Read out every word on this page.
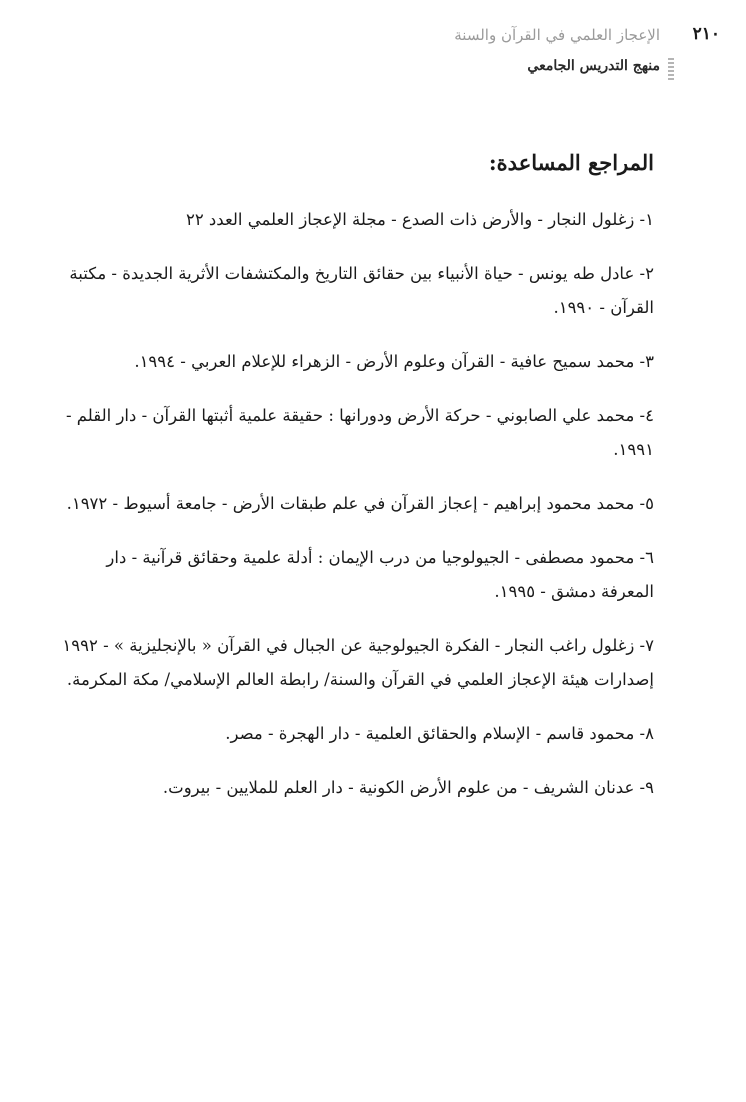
٢١٠
الإعجاز العلمي في القرآن والسنة
منهج التدريس الجامعي
المراجع المساعدة:
١- زغلول النجار - والأرض ذات الصدع - مجلة الإعجاز العلمي العدد ٢٢
٢- عادل طه يونس - حياة الأنبياء بين حقائق التاريخ والمكتشفات الأثرية الجديدة - مكتبة القرآن - ١٩٩٠.
٣- محمد سميح عافية - القرآن وعلوم الأرض - الزهراء للإعلام العربي - ١٩٩٤.
٤- محمد علي الصابوني - حركة الأرض ودورانها : حقيقة علمية أثبتها القرآن - دار القلم - ١٩٩١.
٥- محمد محمود إبراهيم - إعجاز القرآن في علم طبقات الأرض - جامعة أسيوط - ١٩٧٢.
٦- محمود مصطفى - الجيولوجيا من درب الإيمان : أدلة علمية وحقائق قرآنية - دار المعرفة دمشق - ١٩٩٥.
٧- زغلول راغب النجار - الفكرة الجيولوجية عن الجبال في القرآن « بالإنجليزية » - ١٩٩٢ إصدارات هيئة الإعجاز العلمي في القرآن والسنة/ رابطة العالم الإسلامي/ مكة المكرمة.
٨- محمود قاسم - الإسلام والحقائق العلمية - دار الهجرة - مصر.
٩- عدنان الشريف - من علوم الأرض الكونية - دار العلم للملايين - بيروت.
